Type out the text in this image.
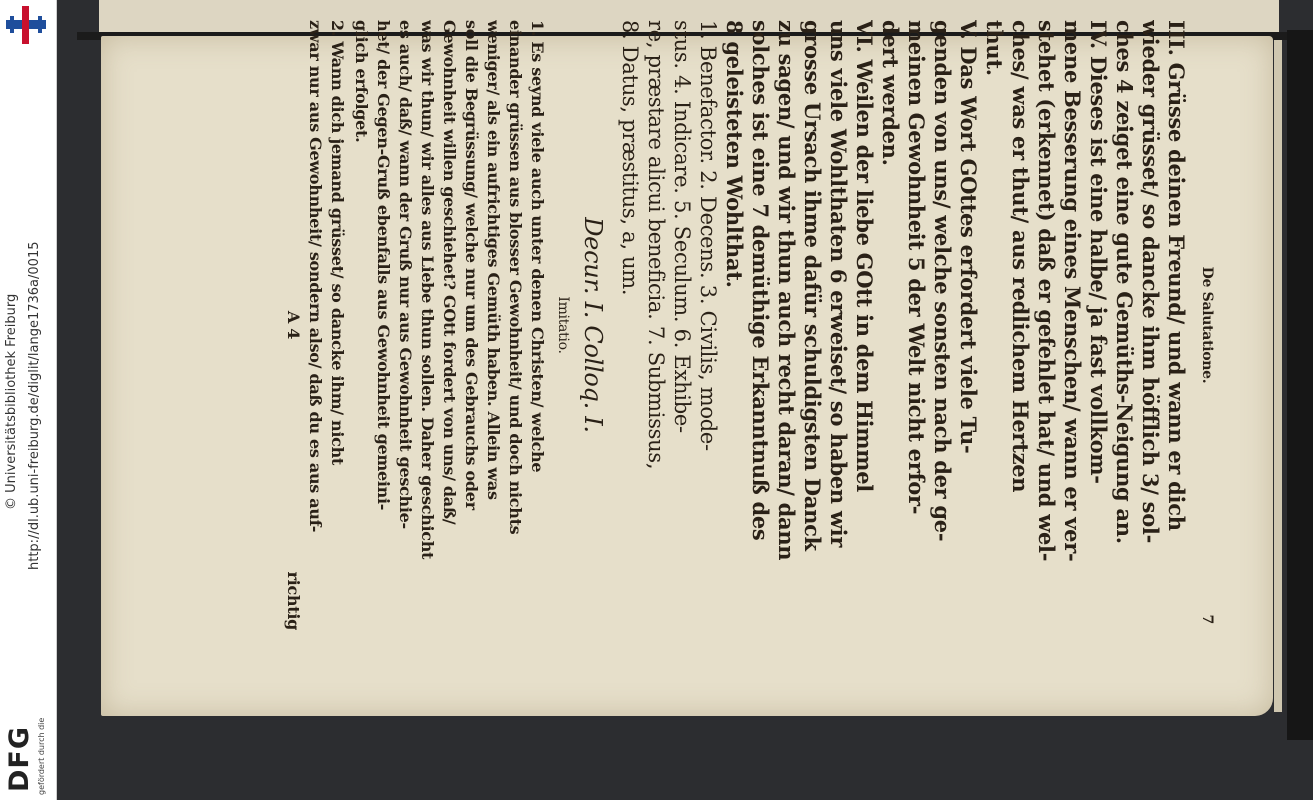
http://dl.ub.uni-freiburg.de/diglit/lange1736a/0015
© Universitätsbibliothek Freiburg
DFG gefördert durch die
De Salutatione.
7
III. Grüsse deinen Freund/ und wann er dich
wieder grüsset/ so dancke ihm höfflich 3/ sol-
ches 4 zeiget eine gute Gemüths-Neigung an.
IV. Dieses ist eine halbe/ ja fast vollkom-
mene Besserung eines Menschen/ wann er ver-
stehet (erkennet) daß er gefehlet hat/ und wel-
ches/ was er thut/ aus redlichem Hertzen
thut.
V. Das Wort GOttes erfordert viele Tu-
genden von uns/ welche sonsten nach der ge-
meinen Gewohnheit 5 der Welt nicht erfor-
dert werden.
VI. Weilen der liebe GOtt in dem Himmel
uns viele Wohlthaten 6 erweiset/ so haben wir
grosse Ursach ihme dafür schuldigsten Danck
zu sagen/ und wir thun auch recht daran/ dann
solches ist eine 7 demüthige Erkanntnuß des
8 geleisteten Wohlthat.
1. Benefactor. 2. Decens. 3. Civilis, mode-
stus. 4. Indicare. 5. Seculum. 6. Exhibe-
re, præstare alicui beneficia. 7. Submissus,
8. Datus, præstitus, a, um.
Decur. I. Colloq. I.
Imitatio.
1. Es seynd viele auch unter denen Christen/ welche
einander grüssen aus blosser Gewohnheit/ und doch nichts
weniger/ als ein aufrichtiges Gemüth haben. Allein was
soll die Begrüssung/ welche nur um des Gebrauchs oder
Gewohnheit willen geschiehet? GOtt fordert von uns/ daß/
was wir thun/ wir alles aus Liebe thun sollen. Daher geschicht
es auch/ daß/ wann der Gruß nur aus Gewohnheit geschie-
het/ der Gegen-Gruß ebenfalls aus Gewohnheit gemeini-
glich erfolget.
2. Wann dich jemand grüsset/ so dancke ihm/ nicht
zwar nur aus Gewohnheit/ sondern also/ daß du es aus auf-
richtig
A 4
